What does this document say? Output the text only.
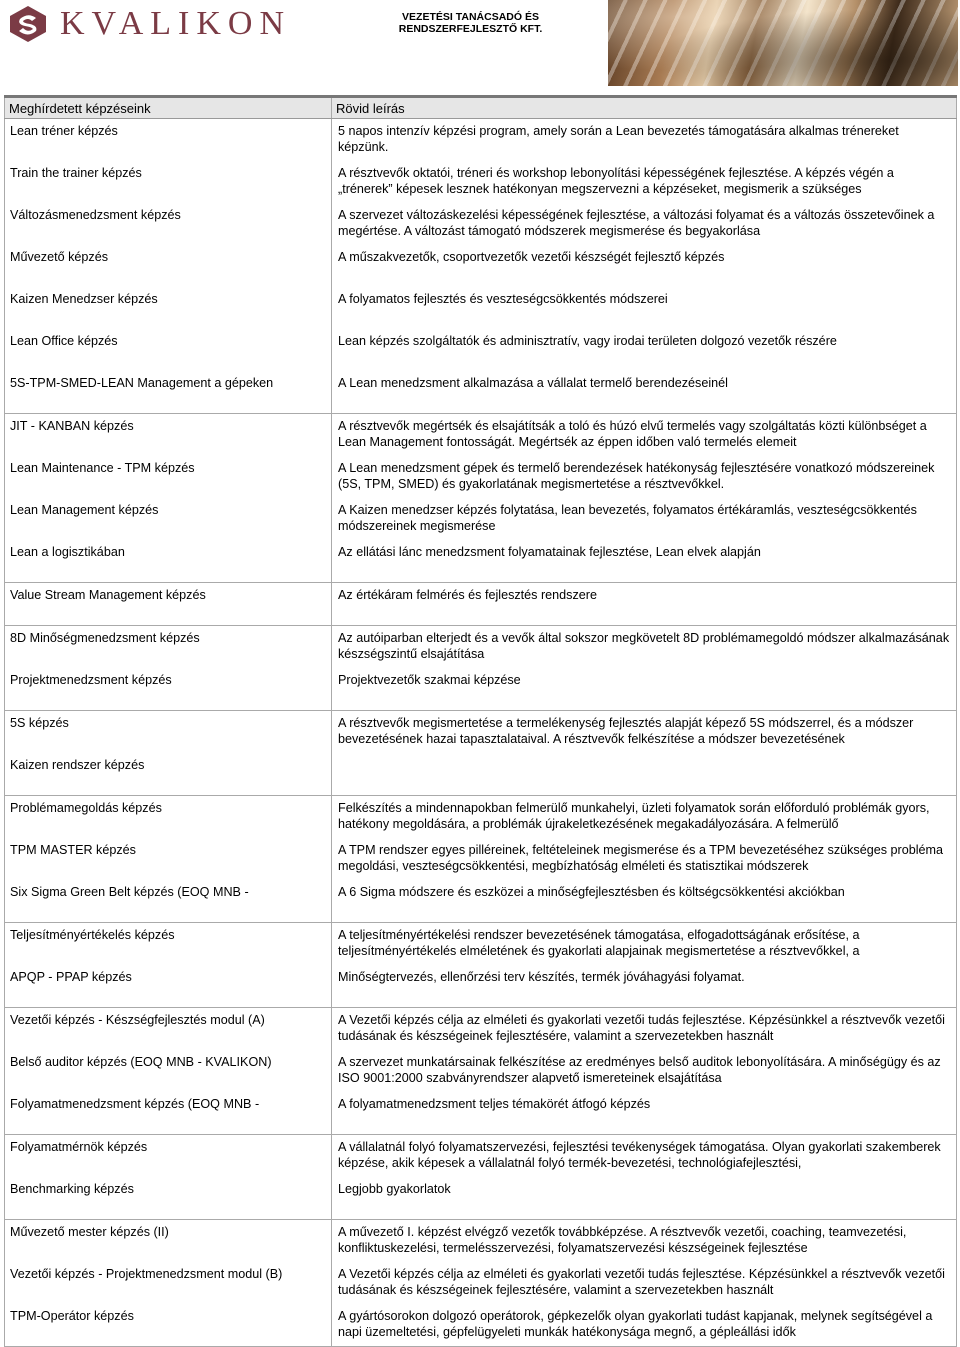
KVALIKON	VEZETÉSI TANÁCSADÓ ÉS
RENDSZERFEJLESZTŐ KFT.
Meghírdetett képzéseink	Rövid leírás

Lean tréner képzés	5 napos intenzív képzési program, amely során a Lean bevezetés támogatására alkalmas trénereket képzünk.

Train the trainer képzés	A résztvevők oktatói, tréneri és workshop lebonyolítási képességének fejlesztése. A képzés végén a „trénerek” képesek lesznek hatékonyan megszervezni a képzéseket, megismerik a szükséges

Változásmenedzsment képzés	A szervezet változáskezelési képességének fejlesztése, a változási folyamat és a változás összetevőinek a megértése. A változást támogató módszerek megismerése és begyakorlása

Művezető képzés	A műszakvezetők, csoportvezetők vezetői készségét fejlesztő képzés

Kaizen Menedzser képzés	A folyamatos fejlesztés és veszteségcsökkentés módszerei

Lean Office képzés	Lean képzés szolgáltatók és adminisztratív, vagy irodai területen dolgozó vezetők részére

5S-TPM-SMED-LEAN Management a gépeken	A Lean menedzsment alkalmazása a vállalat termelő berendezéseinél

JIT - KANBAN képzés	A résztvevők megértsék és elsajátítsák a toló és húzó elvű termelés vagy szolgáltatás közti különbséget a Lean Management fontosságát. Megértsék az éppen időben való termelés elemeit

Lean Maintenance - TPM képzés	A Lean menedzsment gépek és termelő berendezések hatékonyság fejlesztésére vonatkozó módszereinek (5S, TPM, SMED) és gyakorlatának megismertetése a résztvevőkkel.

Lean Management képzés	A Kaizen menedzser képzés folytatása, lean bevezetés, folyamatos értékáramlás, veszteségcsökkentés módszereinek megismerése

Lean a logisztikában	Az ellátási lánc menedzsment folyamatainak fejlesztése, Lean elvek alapján

Value Stream Management képzés	Az értékáram felmérés és fejlesztés rendszere

8D Minőségmenedzsment képzés	Az autóiparban elterjedt és a vevők által sokszor megkövetelt 8D problémamegoldó módszer alkalmazásának készségszintű elsajátítása

Projektmenedzsment képzés	Projektvezetők szakmai képzése

5S képzés	A résztvevők megismertetése a termelékenység fejlesztés alapját képező 5S módszerrel, és a módszer bevezetésének hazai tapasztalataival. A résztvevők felkészítése a módszer bevezetésének

Kaizen rendszer képzés	

Problémamegoldás képzés	Felkészítés a mindennapokban felmerülő munkahelyi, üzleti folyamatok során előforduló problémák gyors, hatékony megoldására, a problémák újrakeletkezésének megakadályozására. A felmerülő

TPM MASTER képzés	A TPM rendszer egyes pilléreinek, feltételeinek megismerése és a TPM bevezetéséhez szükséges probléma megoldási, veszteségcsökkentési, megbízhatóság elméleti és statisztikai módszerek

Six Sigma Green Belt képzés (EOQ MNB -	A 6 Sigma módszere és eszközei a minőségfejlesztésben és költségcsökkentési akciókban

Teljesítményértékelés képzés	A teljesítményértékelési rendszer bevezetésének támogatása, elfogadottságának erősítése, a teljesítményértékelés elméletének és gyakorlati alapjainak megismertetése a résztvevőkkel, a

APQP - PPAP képzés	Minőségtervezés, ellenőrzési terv készítés, termék jóváhagyási folyamat.

Vezetői képzés - Készségfejlesztés modul (A)	A Vezetői képzés célja az elméleti és gyakorlati vezetői tudás fejlesztése. Képzésünkkel a résztvevők vezetői tudásának és készségeinek fejlesztésére, valamint a szervezetekben használt

Belső auditor képzés (EOQ MNB - KVALIKON)	A szervezet munkatársainak felkészítése az eredményes belső auditok lebonyolítására. A minőségügy és az ISO 9001:2000 szabványrendszer alapvető ismereteinek elsajátítása

Folyamatmenedzsment képzés (EOQ MNB -	A folyamatmenedzsment teljes témakörét átfogó képzés

Folyamatmérnök képzés	A vállalatnál folyó folyamatszervezési, fejlesztési tevékenységek támogatása. Olyan gyakorlati szakemberek képzése, akik képesek a vállalatnál folyó termék-bevezetési, technológiafejlesztési,

Benchmarking képzés	Legjobb gyakorlatok

Művezető mester képzés (II)	A művezető I. képzést elvégző vezetők továbbképzése. A résztvevők vezetői, coaching, teamvezetési, konfliktuskezelési, termelésszervezési, folyamatszervezési készségeinek fejlesztése

Vezetői képzés - Projektmenedzsment modul (B)	A Vezetői képzés célja az elméleti és gyakorlati vezetői tudás fejlesztése. Képzésünkkel a résztvevők vezetői tudásának és készségeinek fejlesztésére, valamint a szervezetekben használt

TPM-Operátor képzés	A gyártósorokon dolgozó operátorok, gépkezelők olyan gyakorlati tudást kapjanak, melynek segítségével a napi üzemeltetési, gépfelügyeleti munkák hatékonysága megnő, a gépleállási idők
